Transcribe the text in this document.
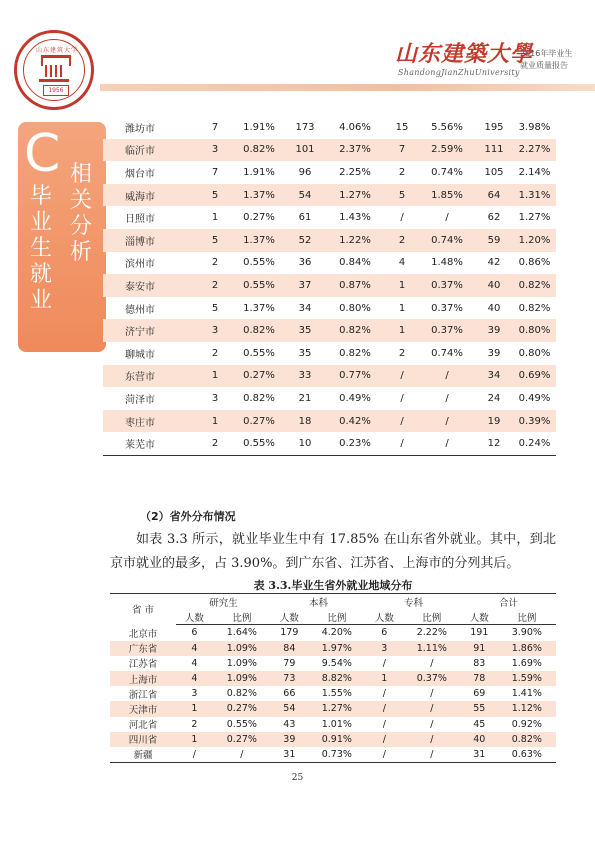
山东建筑大学
1956
山东建築大學
ShandongJianZhuUniversity
2016年毕业生
就业质量报告
C
毕
业
生
就
业
相
关
分
析
潍坊市	7	1.91%	173	4.06%	15	5.56%	195	3.98%
临沂市	3	0.82%	101	2.37%	7	2.59%	111	2.27%
烟台市	7	1.91%	96	2.25%	2	0.74%	105	2.14%
威海市	5	1.37%	54	1.27%	5	1.85%	64	1.31%
日照市	1	0.27%	61	1.43%	/	/	62	1.27%
淄博市	5	1.37%	52	1.22%	2	0.74%	59	1.20%
滨州市	2	0.55%	36	0.84%	4	1.48%	42	0.86%
泰安市	2	0.55%	37	0.87%	1	0.37%	40	0.82%
德州市	5	1.37%	34	0.80%	1	0.37%	40	0.82%
济宁市	3	0.82%	35	0.82%	1	0.37%	39	0.80%
聊城市	2	0.55%	35	0.82%	2	0.74%	39	0.80%
东营市	1	0.27%	33	0.77%	/	/	34	0.69%
菏泽市	3	0.82%	21	0.49%	/	/	24	0.49%
枣庄市	1	0.27%	18	0.42%	/	/	19	0.39%
莱芜市	2	0.55%	10	0.23%	/	/	12	0.24%
（2）省外分布情况
如表 3.3 所示，就业毕业生中有 17.85% 在山东省外就业。其中，到北京市就业的最多，占 3.90%。到广东省、江苏省、上海市的分列其后。
表 3.3.毕业生省外就业地域分布
省 市	研究生		本科		专科		合计	
	人数	比例	人数	比例	人数	比例	人数	比例
北京市	6	1.64%	179	4.20%	6	2.22%	191	3.90%
广东省	4	1.09%	84	1.97%	3	1.11%	91	1.86%
江苏省	4	1.09%	79	9.54%	/	/	83	1.69%
上海市	4	1.09%	73	8.82%	1	0.37%	78	1.59%
浙江省	3	0.82%	66	1.55%	/	/	69	1.41%
天津市	1	0.27%	54	1.27%	/	/	55	1.12%
河北省	2	0.55%	43	1.01%	/	/	45	0.92%
四川省	1	0.27%	39	0.91%	/	/	40	0.82%
新疆	/	/	31	0.73%	/	/	31	0.63%
25
